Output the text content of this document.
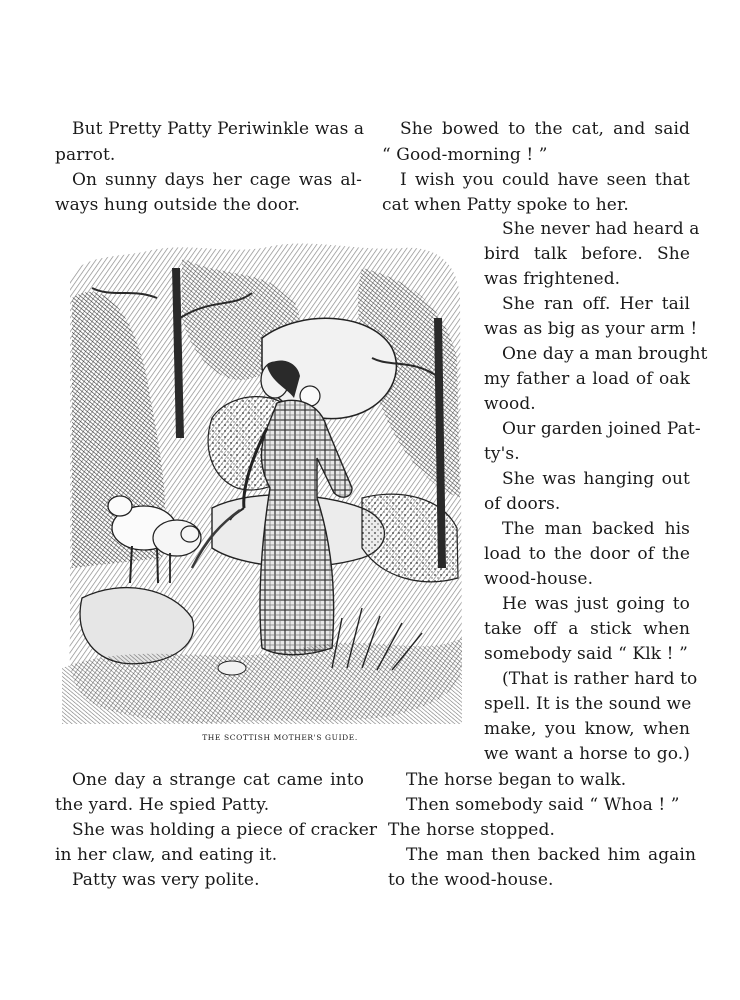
But Pretty Patty Periwinkle was a
parrot.
On sunny days her cage was al-
ways hung outside the door.
THE SCOTTISH MOTHER'S GUIDE.
One day a strange cat came into
the yard. He spied Patty.
She was holding a piece of cracker
in her claw, and eating it.
Patty was very polite.
She bowed to the cat, and said
“ Good-morning ! ”
I wish you could have seen that
cat when Patty spoke to her.
She never had heard a
bird talk before. She
was frightened.
She ran off. Her tail
was as big as your arm !
One day a man brought
my father a load of oak
wood.
Our garden joined Pat-
ty's.
She was hanging out
of doors.
The man backed his
load to the door of the
wood-house.
He was just going to
take off a stick when
somebody said “ Klk ! ”
(That is rather hard to
spell. It is the sound we
make, you know, when
we want a horse to go.)
The horse began to walk.
Then somebody said “ Whoa ! ”
The horse stopped.
The man then backed him again
to the wood-house.
